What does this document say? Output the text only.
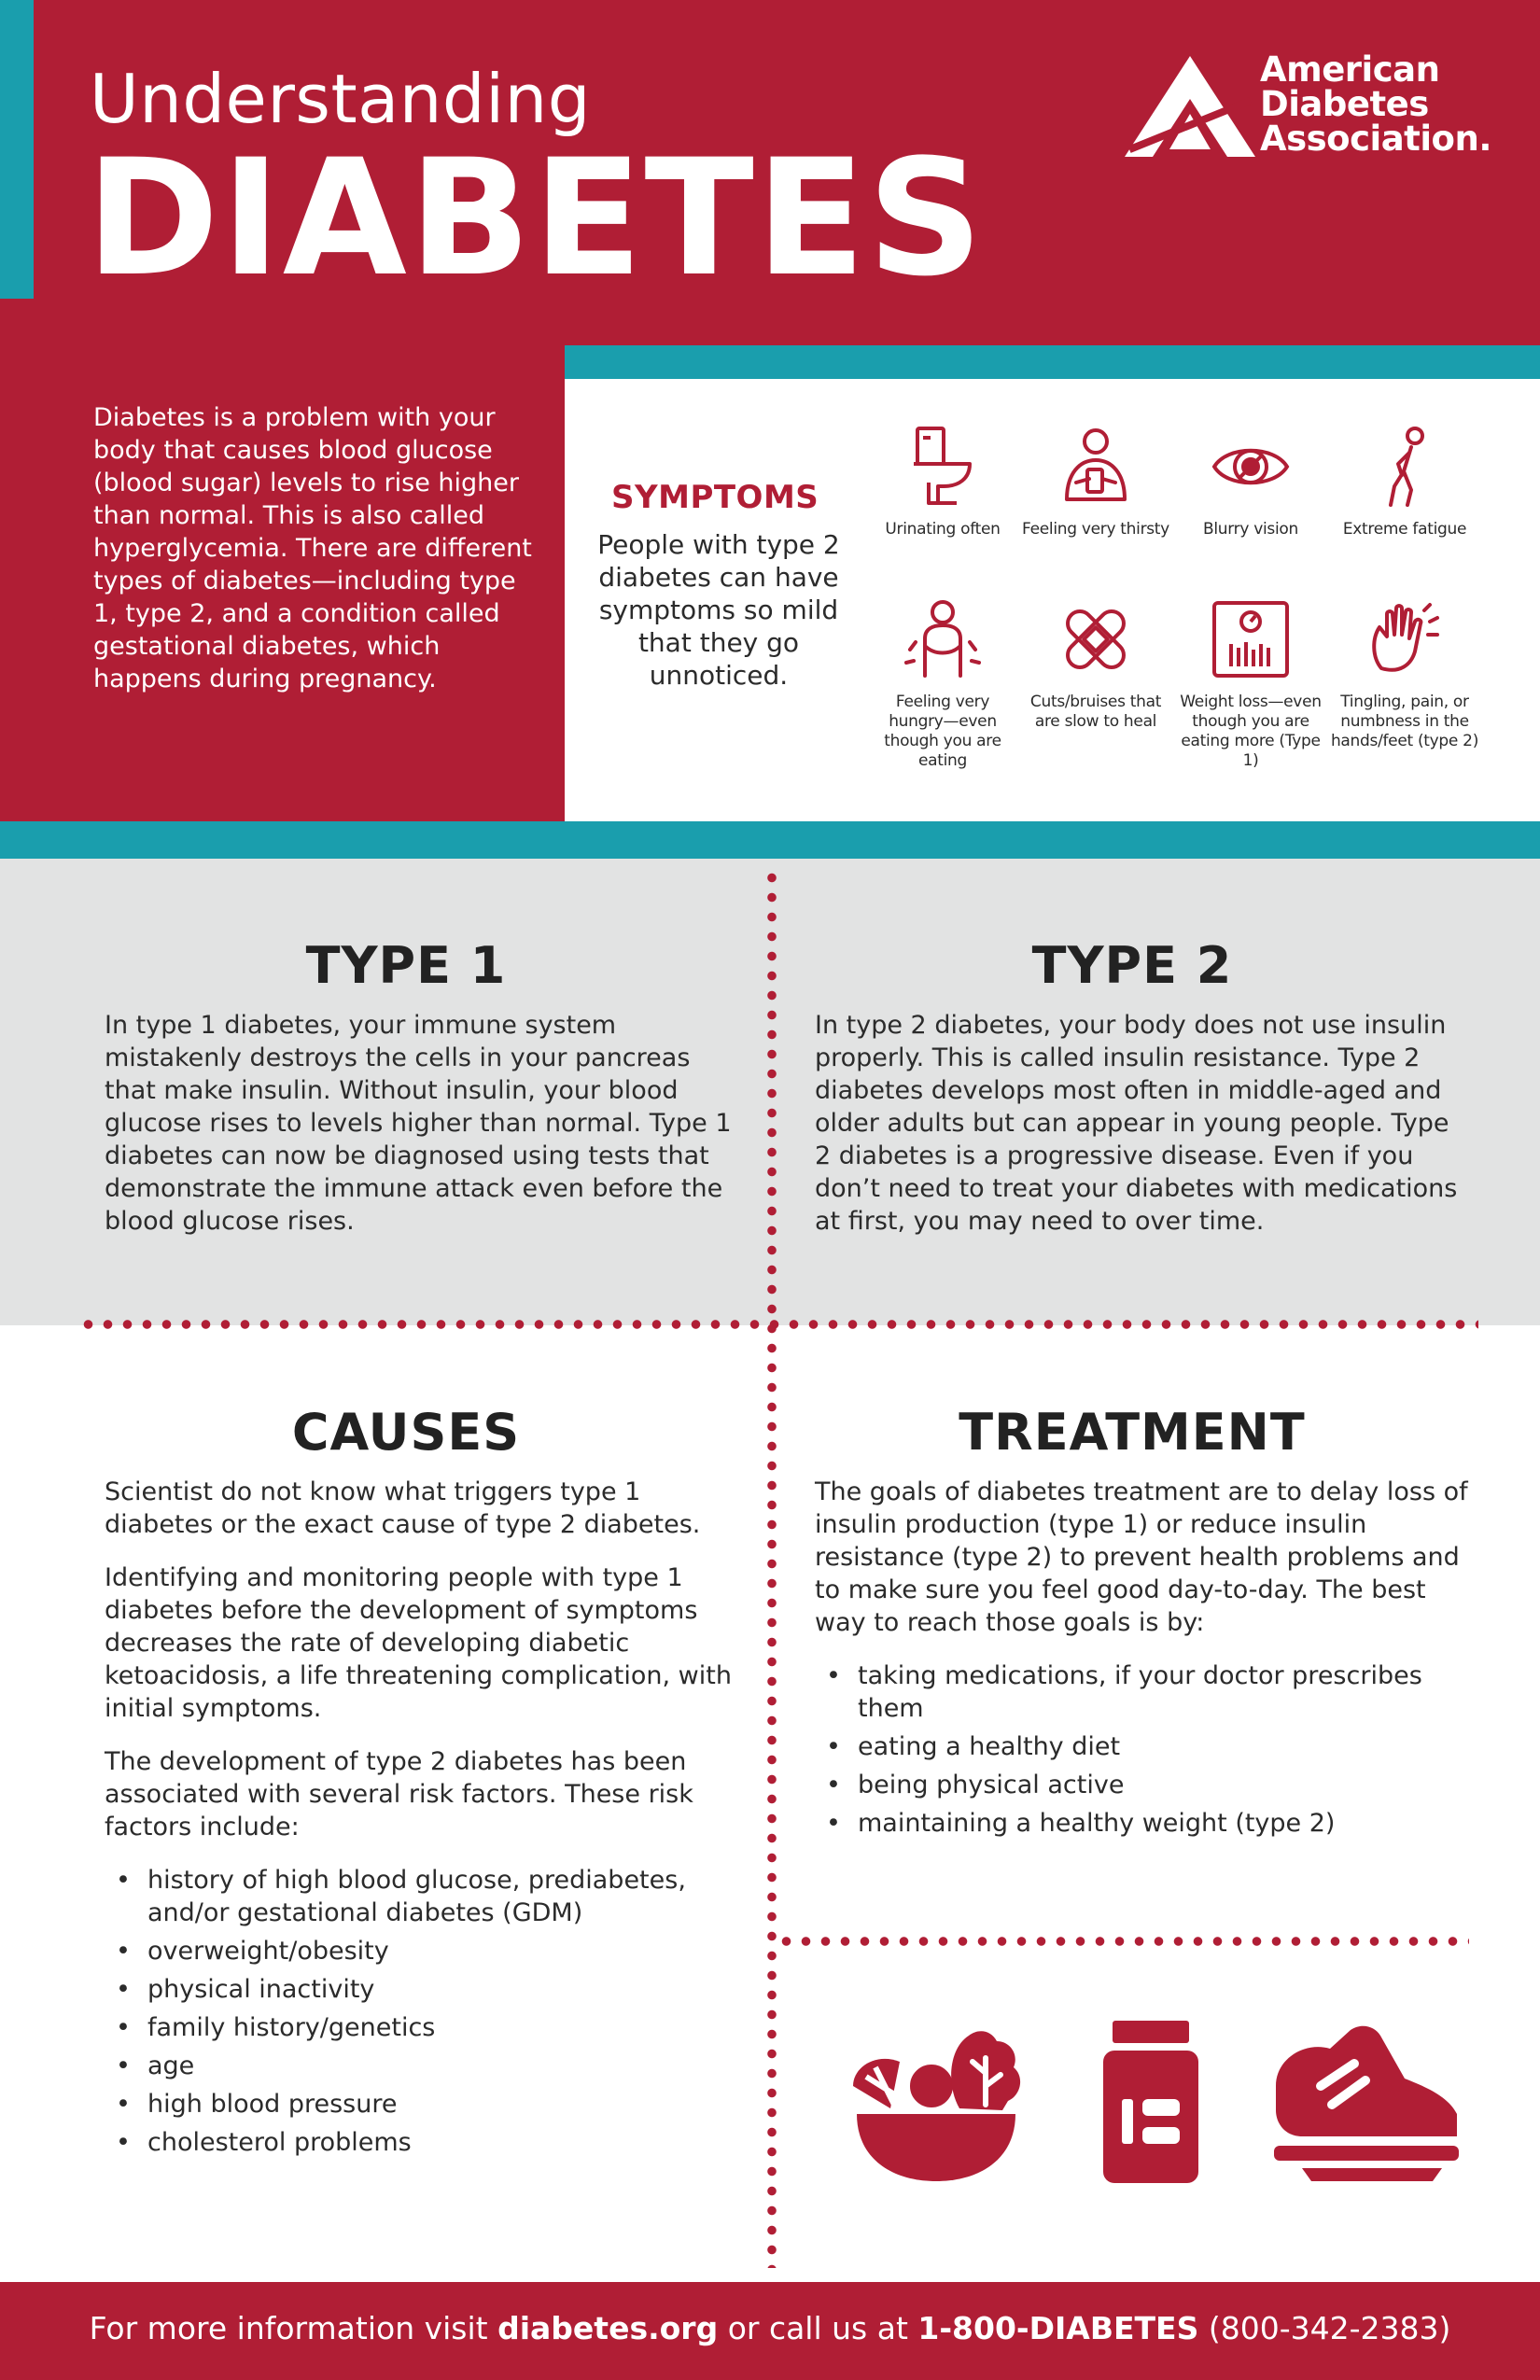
Understanding
DIABETES
American
Diabetes
Association.
Diabetes is a problem with your body that causes blood glucose (blood sugar) levels to rise higher than normal. This is also called hyperglycemia. There are different types of diabetes—including type 1, type 2, and a condition called gestational diabetes, which happens during pregnancy.
SYMPTOMS
People with type 2 diabetes can have symptoms so mild that they go unnoticed.
Urinating often	Feeling very thirsty	Blurry vision	Extreme fatigue
Feeling very hungry—even though you are eating
Cuts/bruises that are slow to heal
Weight loss—even though you are eating more (Type 1)
Tingling, pain, or numbness in the hands/feet (type 2)
TYPE 1
In type 1 diabetes, your immune system mistakenly destroys the cells in your pancreas that make insulin. Without insulin, your blood glucose rises to levels higher than normal. Type 1 diabetes can now be diagnosed using tests that demonstrate the immune attack even before the blood glucose rises.
TYPE 2
In type 2 diabetes, your body does not use insulin properly. This is called insulin resistance. Type 2 diabetes develops most often in middle-aged and older adults but can appear in young people. Type 2 diabetes is a progressive disease. Even if you don’t need to treat your diabetes with medications at first, you may need to over time.
CAUSES

Scientist do not know what triggers type 1 diabetes or the exact cause of type 2 diabetes.

Identifying and monitoring people with type 1 diabetes before the development of symptoms decreases the rate of developing diabetic ketoacidosis, a life threatening complication, with initial symptoms.

The development of type 2 diabetes has been associated with several risk factors. These risk factors include:

• history of high blood glucose, prediabetes, and/or gestational diabetes (GDM)
• overweight/obesity
• physical inactivity
• family history/genetics
• age
• high blood pressure
• cholesterol problems
TREATMENT

The goals of diabetes treatment are to delay loss of insulin production (type 1) or reduce insulin resistance (type 2) to prevent health problems and to make sure you feel good day-to-day. The best way to reach those goals is by:

• taking medications, if your doctor prescribes them
• eating a healthy diet
• being physical active
• maintaining a healthy weight (type 2)
For more information visit diabetes.org or call us at 1-800-DIABETES (800-342-2383)
